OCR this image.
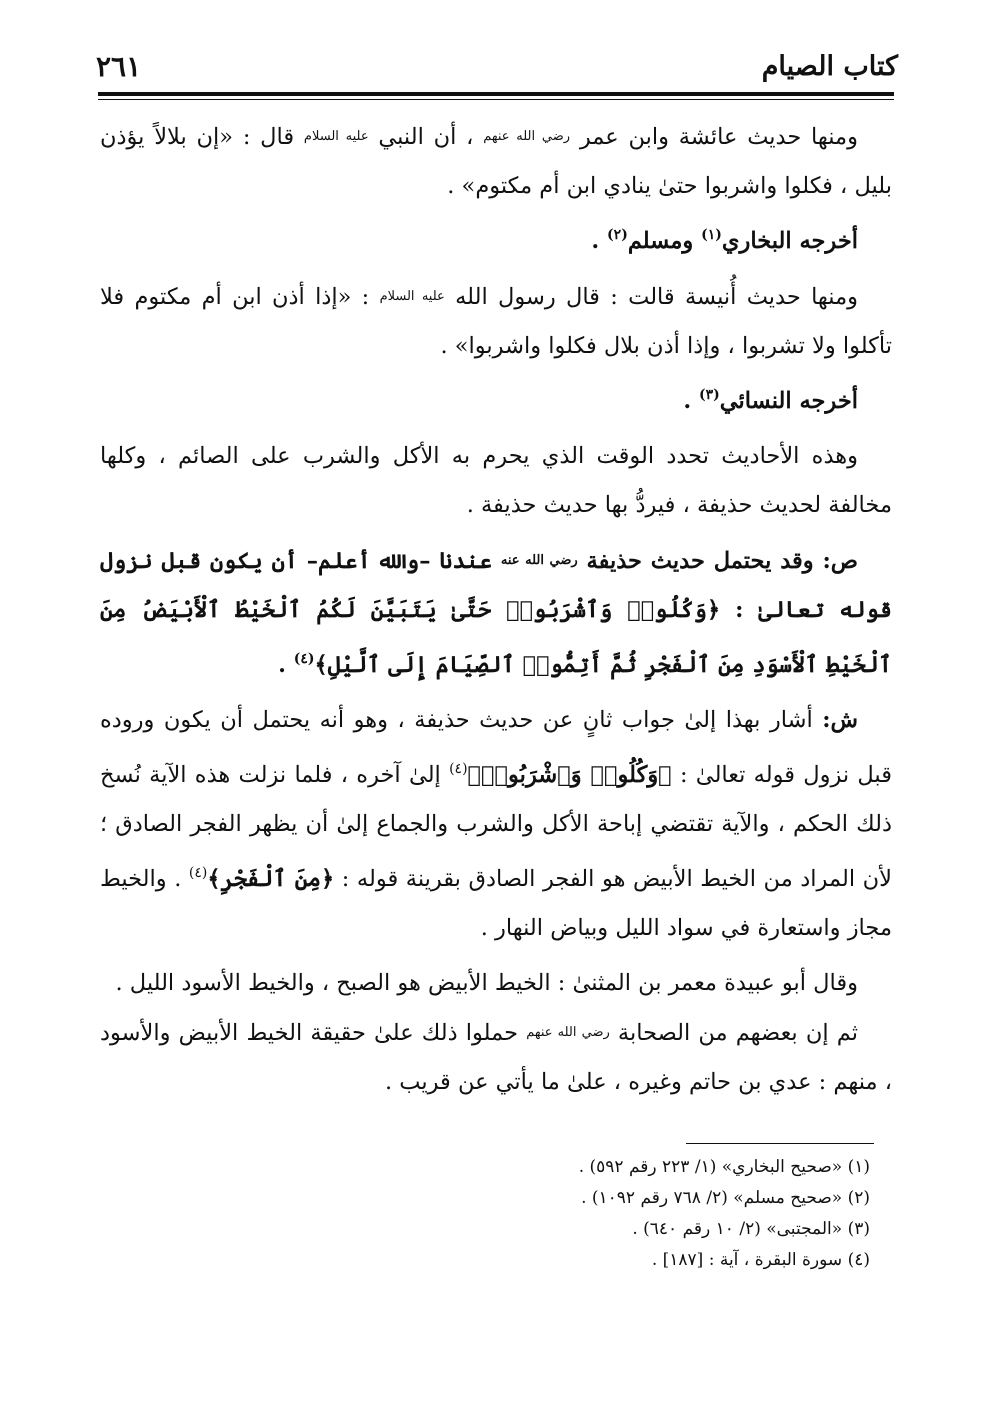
٢٦١	كتاب الصيام

ومنها حديث عائشة وابن عمر رضي الله عنهم ، أن النبي عليه السلام قال : «إن بلالاً يؤذن بليل ، فكلوا واشربوا حتىٰ ينادي ابن أم مكتوم» .

أخرجه البخاري$^{(١)}$ ومسلم$^{(٢)}$ .

ومنها حديث أُنيسة قالت : قال رسول الله عليه السلام : «إذا أذن ابن أم مكتوم فلا تأكلوا ولا تشربوا ، وإذا أذن بلال فكلوا واشربوا» .

أخرجه النسائي$^{(٣)}$ .

وهذه الأحاديث تحدد الوقت الذي يحرم به الأكل والشرب على الصائم ، وكلها مخالفة لحديث حذيفة ، فيردُّ بها حديث حذيفة .

ص: وقد يحتمل حديث حذيفة رضي الله عنه عندنا –والله أعلم– أن يكون قبل نزول قوله تعالىٰ : ﴿وَكُلُوا۟ وَٱشْرَبُوا۟ حَتَّىٰ يَتَبَيَّنَ لَكُمُ ٱلْخَيْطُ ٱلْأَبْيَضُ مِنَ ٱلْخَيْطِ ٱلْأَسْوَدِ مِنَ ٱلْفَجْرِ ثُمَّ أَتِمُّوا۟ ٱلصِّيَامَ إِلَى ٱلَّيْلِ﴾$^{(٤)}$ .

ش: أشار بهذا إلىٰ جواب ثانٍ عن حديث حذيفة ، وهو أنه يحتمل أن يكون وروده قبل نزول قوله تعالىٰ : ﴿وَكُلُوا۟ وَٱشْرَبُوا۟﴾$^{(٤)}$ إلىٰ آخره ، فلما نزلت هذه الآية نُسخ ذلك الحكم ، والآية تقتضي إباحة الأكل والشرب والجماع إلىٰ أن يظهر الفجر الصادق ؛ لأن المراد من الخيط الأبيض هو الفجر الصادق بقرينة قوله : ﴿مِنَ ٱلْفَجْرِ﴾$^{(٤)}$ . والخيط مجاز واستعارة في سواد الليل وبياض النهار .

وقال أبو عبيدة معمر بن المثنىٰ : الخيط الأبيض هو الصبح ، والخيط الأسود الليل .

ثم إن بعضهم من الصحابة رضي الله عنهم حملوا ذلك علىٰ حقيقة الخيط الأبيض والأسود ، منهم : عدي بن حاتم وغيره ، علىٰ ما يأتي عن قريب .

(١) «صحيح البخاري» (١/ ٢٢٣ رقم ٥٩٢) .

(٢) «صحيح مسلم» (٢/ ٧٦٨ رقم ١٠٩٢) .

(٣) «المجتبى» (٢/ ١٠ رقم ٦٤٠) .

(٤) سورة البقرة ، آية : [١٨٧] .
